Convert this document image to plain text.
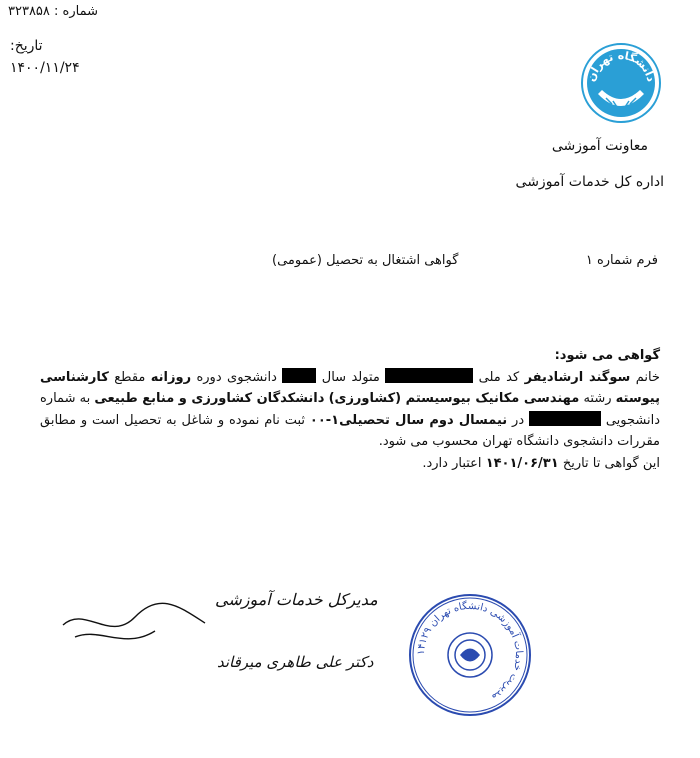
شماره : ۳۲۳۸۵۸
تاریخ:
۱۴۰۰/۱۱/۲۴
دانشگاه تهران
معاونت آموزشی
اداره کل خدمات آموزشی
فرم شماره ۱
گواهی اشتغال به تحصیل (عمومی)
گواهی می شود:
خانم سوگند ارشادیفر کد ملی  متولد سال  دانشجوی دوره روزانه مقطع کارشناسی پیوسته رشته مهندسی مکانیک بیوسیستم (کشاورزی) دانشکدگان کشاورزی و منابع طبیعی به شماره دانشجویی  در نیمسال دوم سال تحصیلی۱-۰۰ ثبت نام نموده و شاغل به تحصیل است و مطابق مقررات دانشجوی دانشگاه تهران محسوب می شود.
این گواهی تا تاریخ ۱۴۰۱/۰۶/۳۱ اعتبار دارد.
مدیرکل خدمات آموزشی
دکتر علی طاهری میرقاند
مدیریت خدمات آموزشی دانشگاه تهران ۱۴۱۲۹
